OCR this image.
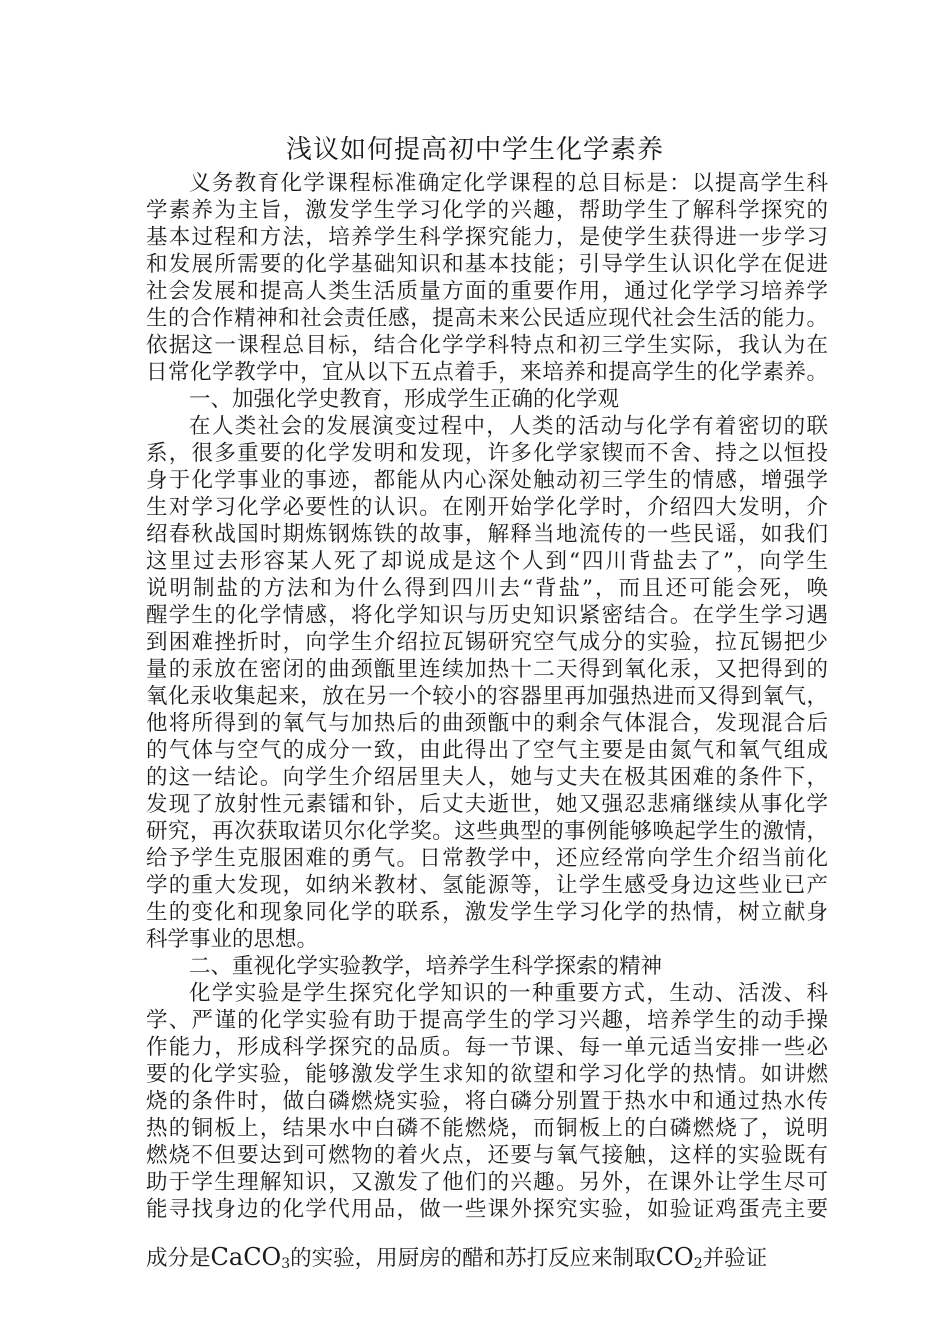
浅议如何提高初中学生化学素养
义务教育化学课程标准确定化学课程的总目标是：以提高学生科
学素养为主旨，激发学生学习化学的兴趣，帮助学生了解科学探究的
基本过程和方法，培养学生科学探究能力，是使学生获得进一步学习
和发展所需要的化学基础知识和基本技能；引导学生认识化学在促进
社会发展和提高人类生活质量方面的重要作用，通过化学学习培养学
生的合作精神和社会责任感，提高未来公民适应现代社会生活的能力。
依据这一课程总目标，结合化学学科特点和初三学生实际，我认为在
日常化学教学中，宜从以下五点着手，来培养和提高学生的化学素养。
一、加强化学史教育，形成学生正确的化学观
在人类社会的发展演变过程中，人类的活动与化学有着密切的联
系，很多重要的化学发明和发现，许多化学家锲而不舍、持之以恒投
身于化学事业的事迹，都能从内心深处触动初三学生的情感，增强学
生对学习化学必要性的认识。在刚开始学化学时，介绍四大发明，介
绍春秋战国时期炼钢炼铁的故事，解释当地流传的一些民谣，如我们
这里过去形容某人死了却说成是这个人到“四川背盐去了”，向学生
说明制盐的方法和为什么得到四川去“背盐”，而且还可能会死，唤
醒学生的化学情感，将化学知识与历史知识紧密结合。在学生学习遇
到困难挫折时，向学生介绍拉瓦锡研究空气成分的实验，拉瓦锡把少
量的汞放在密闭的曲颈甑里连续加热十二天得到氧化汞，又把得到的
氧化汞收集起来，放在另一个较小的容器里再加强热进而又得到氧气，
他将所得到的氧气与加热后的曲颈甑中的剩余气体混合，发现混合后
的气体与空气的成分一致，由此得出了空气主要是由氮气和氧气组成
的这一结论。向学生介绍居里夫人，她与丈夫在极其困难的条件下，
发现了放射性元素镭和钋，后丈夫逝世，她又强忍悲痛继续从事化学
研究，再次获取诺贝尔化学奖。这些典型的事例能够唤起学生的激情，
给予学生克服困难的勇气。日常教学中，还应经常向学生介绍当前化
学的重大发现，如纳米教材、氢能源等，让学生感受身边这些业已产
生的变化和现象同化学的联系，激发学生学习化学的热情，树立献身
科学事业的思想。
二、重视化学实验教学，培养学生科学探索的精神
化学实验是学生探究化学知识的一种重要方式，生动、活泼、科
学、严谨的化学实验有助于提高学生的学习兴趣，培养学生的动手操
作能力，形成科学探究的品质。每一节课、每一单元适当安排一些必
要的化学实验，能够激发学生求知的欲望和学习化学的热情。如讲燃
烧的条件时，做白磷燃烧实验，将白磷分别置于热水中和通过热水传
热的铜板上，结果水中白磷不能燃烧，而铜板上的白磷燃烧了，说明
燃烧不但要达到可燃物的着火点，还要与氧气接触，这样的实验既有
助于学生理解知识，又激发了他们的兴趣。另外，在课外让学生尽可
能寻找身边的化学代用品，做一些课外探究实验，如验证鸡蛋壳主要
成分是CaCO$_3$的实验，用厨房的醋和苏打反应来制取$CO_2$并验证
